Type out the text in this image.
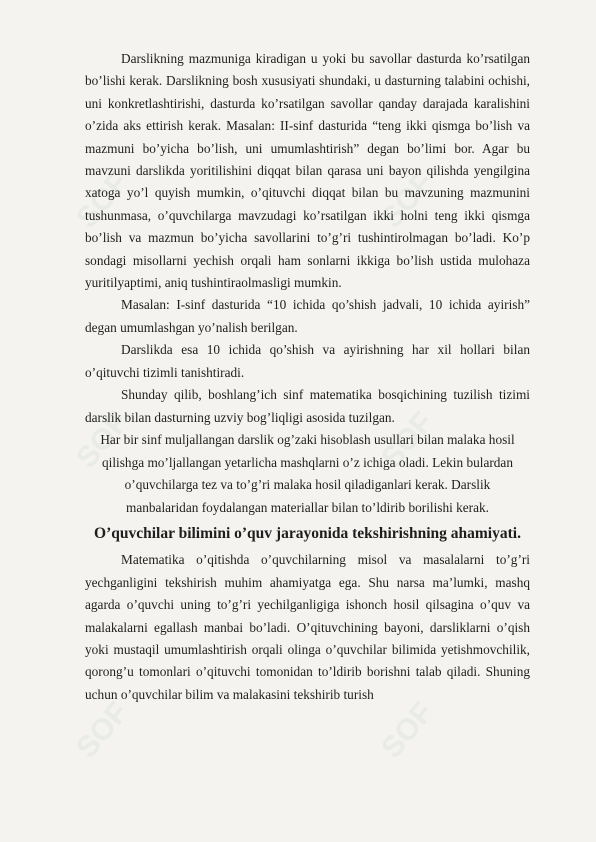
SOF	SOF
SOF	SOF
SOF	SOF

Darslikning mazmuniga kiradigan u yoki bu savollar dasturda ko’rsatilgan bo’lishi kerak. Darslikning bosh xususiyati shundaki, u dasturning talabini ochishi, uni konkretlashtirishi, dasturda ko’rsatilgan savollar qanday darajada karalishini o’zida aks ettirish kerak. Masalan: II-sinf dasturida “teng ikki qismga bo’lish va mazmuni bo’yicha bo’lish, uni umumlashtirish” degan bo’limi bor. Agar bu mavzuni darslikda yoritilishini diqqat bilan qarasa uni bayon qilishda yengilgina xatoga yo’l quyish mumkin, o’qituvchi diqqat bilan bu mavzuning mazmunini tushunmasa, o’quvchilarga mavzudagi ko’rsatilgan ikki holni teng ikki qismga bo’lish va mazmun bo’yicha savollarini to’g’ri tushintirolmagan bo’ladi. Ko’p sondagi misollarni yechish orqali ham sonlarni ikkiga bo’lish ustida mulohaza yuritilyaptimi, aniq tushintiraolmasligi mumkin.

Masalan: I-sinf dasturida “10 ichida qo’shish jadvali, 10 ichida ayirish” degan umumlashgan yo’nalish berilgan.

Darslikda esa 10 ichida qo’shish va ayirishning har xil hollari bilan o’qituvchi tizimli tanishtiradi.

Shunday qilib, boshlang’ich sinf matematika bosqichining tuzilish tizimi darslik bilan dasturning uzviy bog’liqligi asosida tuzilgan.

Har bir sinf muljallangan darslik og’zaki hisoblash usullari bilan malaka hosil

qilishga mo’ljallangan yetarlicha mashqlarni o’z ichiga oladi. Lekin bulardan

o’quvchilarga tez va to’g’ri malaka hosil qiladiganlari kerak. Darslik

manbalaridan foydalangan materiallar bilan to’ldirib borilishi kerak.

O’quvchilar bilimini o’quv jarayonida tekshirishning ahamiyati.

Matematika o’qitishda o’quvchilarning misol va masalalarni to’g’ri yechganligini tekshirish muhim ahamiyatga ega. Shu narsa ma’lumki, mashq agarda o’quvchi uning to’g’ri yechilganligiga ishonch hosil qilsagina o’quv va malakalarni egallash manbai bo’ladi. O’qituvchining bayoni, darsliklarni o’qish yoki mustaqil umumlashtirish orqali olinga o’quvchilar bilimida yetishmovchilik, qorong’u tomonlari o’qituvchi tomonidan to’ldirib borishni talab qiladi. Shuning uchun o’quvchilar bilim va malakasini tekshirib turish
